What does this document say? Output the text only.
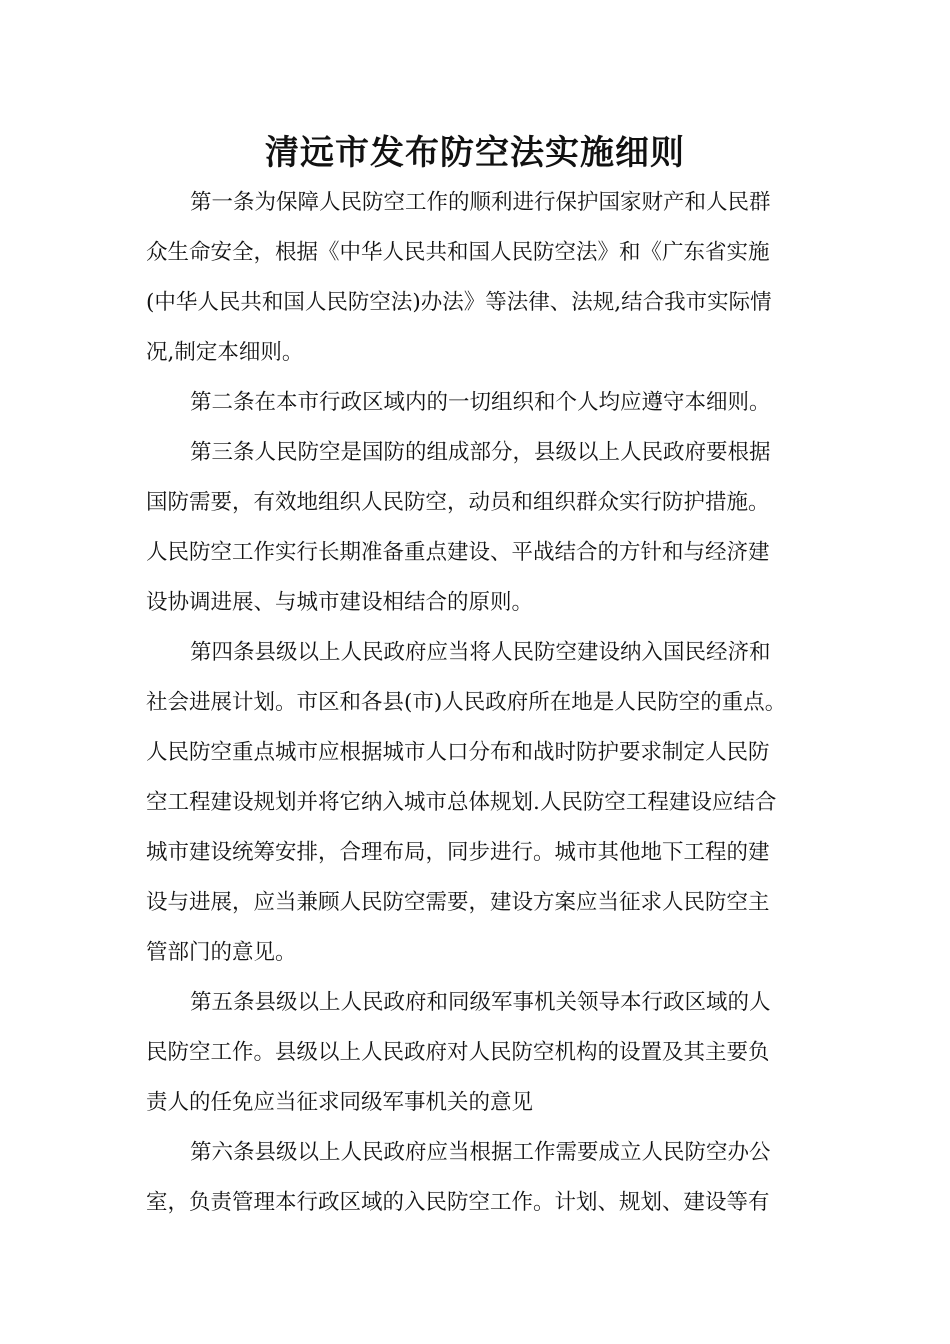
清远市发布防空法实施细则
第一条为保障人民防空工作的顺利进行保护国家财产和人民群
众生命安全，根据《中华人民共和国人民防空法》和《广东省实施
(中华人民共和国人民防空法)办法》等法律、法规,结合我市实际情
况,制定本细则。
第二条在本市行政区域内的一切组织和个人均应遵守本细则。
第三条人民防空是国防的组成部分，县级以上人民政府要根据
国防需要，有效地组织人民防空，动员和组织群众实行防护措施。
人民防空工作实行长期准备重点建设、平战结合的方针和与经济建
设协调进展、与城市建设相结合的原则。
第四条县级以上人民政府应当将人民防空建设纳入国民经济和
社会进展计划。市区和各县(市)人民政府所在地是人民防空的重点。
人民防空重点城市应根据城市人口分布和战时防护要求制定人民防
空工程建设规划并将它纳入城市总体规划.人民防空工程建设应结合
城市建设统筹安排，合理布局，同步进行。城市其他地下工程的建
设与进展，应当兼顾人民防空需要，建设方案应当征求人民防空主
管部门的意见。
第五条县级以上人民政府和同级军事机关领导本行政区域的人
民防空工作。县级以上人民政府对人民防空机构的设置及其主要负
责人的任免应当征求同级军事机关的意见
第六条县级以上人民政府应当根据工作需要成立人民防空办公
室，负责管理本行政区域的入民防空工作。计划、规划、建设等有
